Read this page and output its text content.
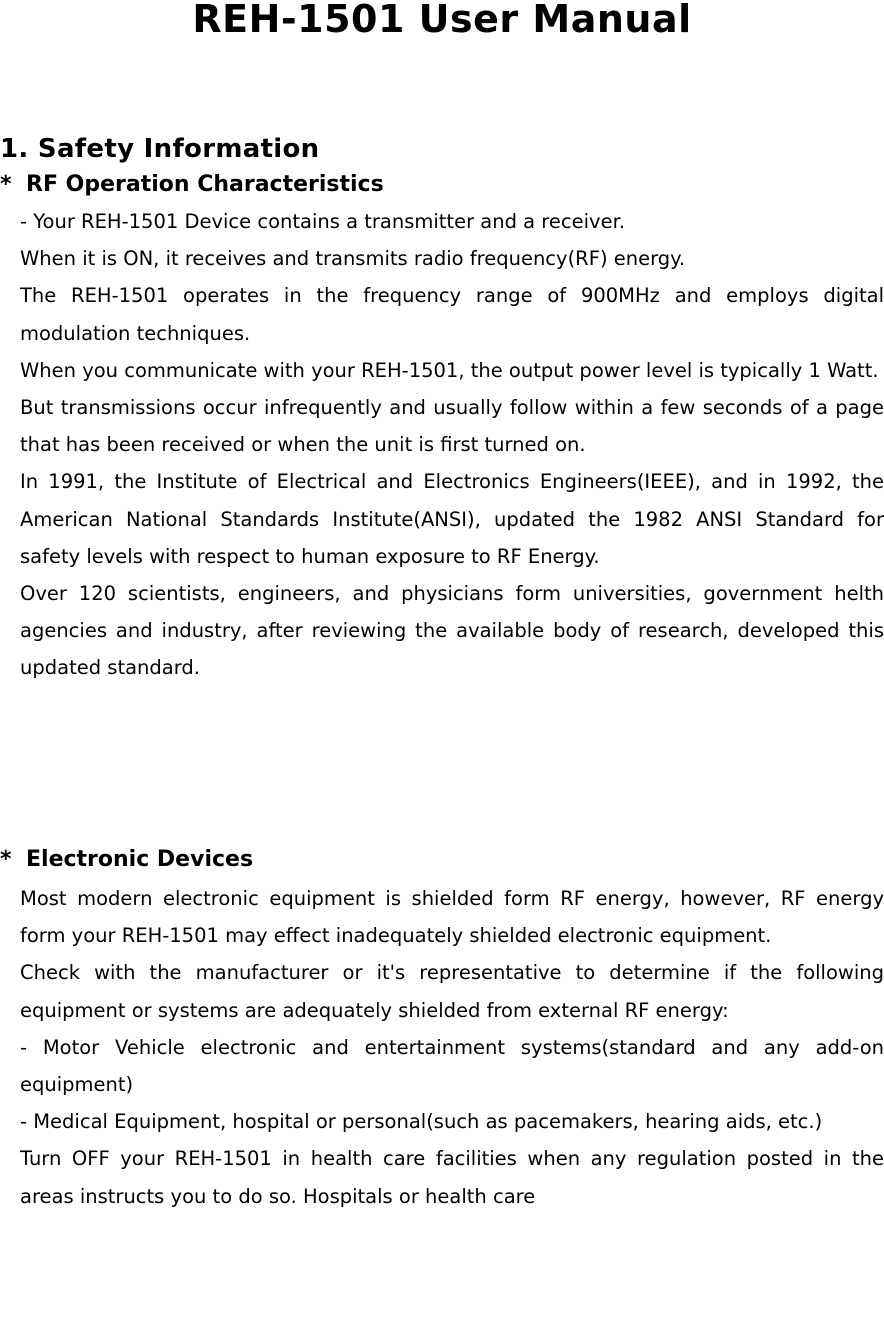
REH-1501 User Manual
1. Safety Information
* RF Operation Characteristics

- Your REH-1501 Device contains a transmitter and a receiver.

When it is ON, it receives and transmits radio frequency(RF) energy.

The REH-1501 operates in the frequency range of 900MHz and employs digital modulation techniques.

When you communicate with your REH-1501, the output power level is typically 1 Watt.

But transmissions occur infrequently and usually follow within a few seconds of a page that has been received or when the unit is first turned on.

In 1991, the Institute of Electrical and Electronics Engineers(IEEE), and in 1992, the American National Standards Institute(ANSI), updated the 1982 ANSI Standard for safety levels with respect to human exposure to RF Energy.

Over 120 scientists, engineers, and physicians form universities, government helth agencies and industry, after reviewing the available body of research, developed this updated standard.

* Electronic Devices

Most modern electronic equipment is shielded form RF energy, however, RF energy form your REH-1501 may effect inadequately shielded electronic equipment.

Check with the manufacturer or it's representative to determine if the following equipment or systems are adequately shielded from external RF energy:

- Motor Vehicle electronic and entertainment systems(standard and any add-on equipment)

- Medical Equipment, hospital or personal(such as pacemakers, hearing aids, etc.)

Turn OFF your REH-1501 in health care facilities when any regulation posted in the areas instructs you to do so. Hospitals or health care
